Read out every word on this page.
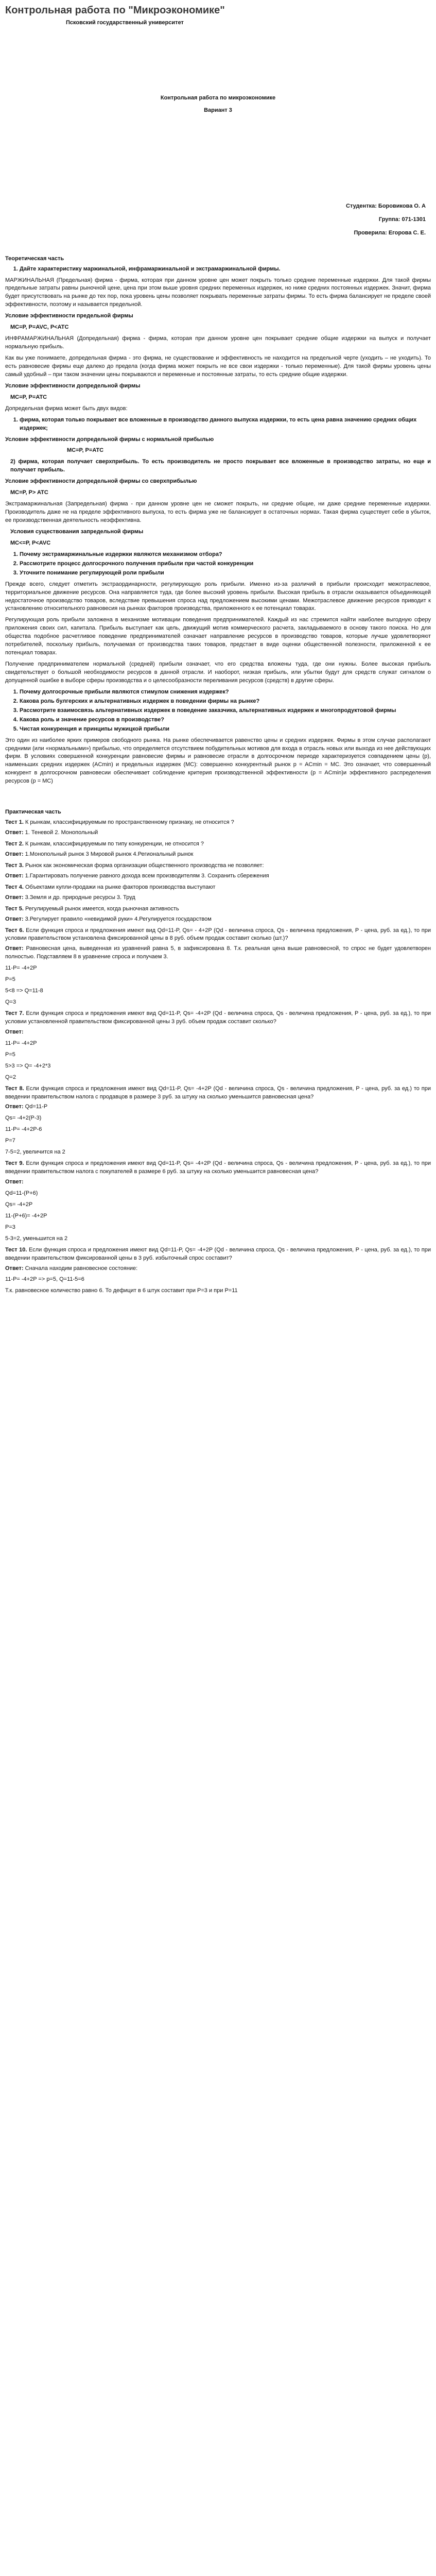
Контрольная работа по "Микроэкономике"
Псковский государственный университет
Контрольная работа по микроэкономике
Вариант 3
Студентка: Боровикова О. А
Группа: 071-1301
Проверила: Егорова С. Е.
Теоретическая часть
1. Дайте характеристику маржинальной, инфрамаржинальной и экстрамаржинальной фирмы.

МАРЖИНАЛЬНАЯ (Предельная) фирма - фирма, которая при данном уровне цен может покрыть только средние переменные издержки. Для такой фирмы предельные затраты равны рыночной цене, цена при этом выше уровня средних переменных издержек, но ниже средних постоянных издержек. Значит, фирма будет присутствовать на рынке до тех пор, пока уровень цены позволяет покрывать переменные затраты фирмы. То есть фирма балансирует не пределе своей эффективности, поэтому и называется предельной.

Условие эффективности предельной фирмы

MC=P, P=AVC, P<ATC

ИНФРАМАРЖИНАЛЬНАЯ (Допредельная) фирма - фирма, которая при данном уровне цен покрывает средние общие издержки на выпуск и получает нормальную прибыль.

Как вы уже понимаете, допредельная фирма - это фирма, не существование и эффективность не находится на предельной черте (уходить – не уходить). То есть равновесие фирмы еще далеко до предела (когда фирма может покрыть не все свои издержки - только переменные). Для такой фирмы уровень цены самый удобный – при таком значении цены покрываются и переменные и постоянные затраты, то есть средние общие издержки.

Условие эффективности допредельной фирмы

MC=P, P=ATC

Допредельная фирма может быть двух видов:

1. фирма, которая только покрывает все вложенные в производство данного выпуска издержки, то есть цена равна значению средних общих издержек;

Условие эффективности допредельной фирмы с нормальной прибылью

MC=P, P=ATC

2) фирма, которая получает сверхприбыль. То есть производитель не просто покрывает все вложенные в производство затраты, но еще и получает прибыль.

Условие эффективности допредельной фирмы со сверхприбылью

MC=P, P> ATC

Экстрамаржинальная (Запредельная) фирма - при данном уровне цен не сможет покрыть, ни средние общие, ни даже средние переменные издержки. Производитель даже не на пределе эффективного выпуска, то есть фирма уже не балансирует в остаточных нормах. Такая фирма существует себе в убыток, ее производственная деятельность неэффективна.

Условия существования запредельной фирмы

MC<=P, P<AVC

1. Почему экстрамаржинальные издержки являются механизмом отбора?
2. Рассмотрите процесс долгосрочного получения прибыли при частой конкуренции
3. Уточните понимание регулирующей роли прибыли

Прежде всего, следует отметить экстраординарности, регулирующую роль прибыли. Именно из-за различий в прибыли происходит межотраслевое, территориальное движение ресурсов. Она направляется туда, где более высокий уровень прибыли. Высокая прибыль в отрасли оказывается объединяющей недостаточное производство товаров, вследствие превышения спроса над предложением высокими ценами. Межотраслевое движение ресурсов приводит к установлению относительного равновесия на рынках факторов производства, приложенного к ее потенциал товарах.

Регулирующая роль прибыли заложена в механизме мотивации поведения предпринимателей. Каждый из нас стремится найти наиболее выгодную сферу приложения своих сил, капитала. Прибыль выступает как цель, движущий мотив коммерческого расчета, закладываемого в основу такого поиска. Но для общества подобное расчетливое поведение предпринимателей означает направление ресурсов в производство товаров, которые лучше удовлетворяют потребителей, поскольку прибыль, получаемая от производства таких товаров, предстает в виде оценки общественной полезности, приложенной к ее потенциал товарах.

Получение предпринимателем нормальной (средней) прибыли означает, что его средства вложены туда, где они нужны. Более высокая прибыль свидетельствует о большой необходимости ресурсов в данной отрасли. И наоборот, низкая прибыль, или убытки будут для средств служат сигналом о допущенной ошибке в выборе сферы производства и о целесообразности переливания ресурсов (средств) в другие сферы.

1. Почему долгосрочные прибыли являются стимулом снижения издержек?
2. Какова роль булгерских и альтернативных издержек в поведении фирмы на рынке?
3. Рассмотрите взаимосвязь альтернативных издержек в поведение заказчика, альтернативных издержек и многопродуктовой фирмы
4. Какова роль и значение ресурсов в производстве?
5. Чистая конкуренция и принципы мужицкой прибыли

Это один из наиболее ярких примеров свободного рынка. На рынке обеспечивается равенство цены и средних издержек. Фирмы в этом случае располагают средними (или «нормальными») прибылью, что определяется отсутствием побудительных мотивов для входа в отрасль новых или выхода из нее действующих фирм. В условиях совершенной конкуренции равновесие фирмы и равновесие отрасли в долгосрочном периоде характеризуется совпадением цены (p), наименьших средних издержек (ACmin) и предельных издержек (MC): совершенно конкурентный рынок p = ACmin = MC. Это означает, что совершенный конкурент в долгосрочном равновесии обеспечивает соблюдение критерия производственной эффективности (p = ACmin)и эффективного распределения ресурсов (p = MC)

Практическая часть

Тест 1. К рынкам, классифицируемым по пространственному признаку, не относится ?

Ответ: 1. Теневой 2. Монопольный

Тест 2. К рынкам, классифицируемым по типу конкуренции, не относится ?

Ответ: 1.Монопольный рынок 3 Мировой рынок 4.Региональный рынок

Тест 3. Рынок как экономическая форма организации общественного производства не позволяет:

Ответ: 1.Гарантировать получение равного дохода всем производителям 3. Сохранить сбережения

Тест 4. Объектами купли-продажи на рынке факторов производства выступают

Ответ: 3.Земля и др. природные ресурсы 3. Труд

Тест 5. Регулируемый рынок имеется, когда рыночная активность

Ответ: 3.Регулирует правило «невидимой руки» 4.Регулируется государством

Тест 6. Если функция спроса и предложения имеют вид Qd=11-P, Qs= - 4+2P (Qd - величина спроса, Qs - величина предложения, P - цена, руб. за ед.), то при условии правительством установлена фиксированной цены в 8 руб. объем продаж составит сколько (шт.)?

Ответ: Равновесная цена, выведенная из уравнений равна 5, в зафиксирована 8. Т.к. реальная цена выше равновесной, то спрос не будет удовлетворен полностью. Подставляем 8 в уравнение спроса и получаем 3.

11-P= -4+2P

P=5

5<8 => Q=11-8

Q=3

Тест 7. Если функция спроса и предложения имеют вид Qd=11-P, Qs= -4+2P (Qd - величина спроса, Qs - величина предложения, P - цена, руб. за ед.), то при условии установленной правительством фиксированной цены 3 руб. объем продаж составит сколько?

Ответ:

11-P= -4+2P

P=5

5>3 => Q= -4+2*3

Q=2

Тест 8. Если функция спроса и предложения имеют вид Qd=11-P, Qs= -4+2P (Qd - величина спроса, Qs - величина предложения, P - цена, руб. за ед.) то при введении правительством налога с продавцов в размере 3 руб. за штуку на сколько уменьшится равновесная цена?

Ответ: Qd=11-P

Qs= -4+2(P-3)

11-P= -4+2P-6

P=7

7-5=2, увеличится на 2

Тест 9. Если функция спроса и предложения имеют вид Qd=11-P, Qs= -4+2P (Qd - величина спроса, Qs - величина предложения, P - цена, руб. за ед.), то при введении правительством налога с покупателей в размере 6 руб. за штуку на сколько уменьшится равновесная цена?

Ответ:

Qd=11-(P+6)

Qs= -4+2P

11-(P+6)= -4+2P

P=3

5-3=2, уменьшится на 2

Тест 10. Если функция спроса и предложения имеют вид Qd=11-P, Qs= -4+2P (Qd - величина спроса, Qs - величина предложения, P - цена, руб. за ед.), то при введении правительством фиксированной цены в 3 руб. избыточный спрос составит?

Ответ: Сначала находим равновесное состояние:

11-P= -4+2P => p=5, Q=11-5=6

Т.к. равновесное количество равно 6. То дефицит в 6 штук составит при P=3 и при P=11
